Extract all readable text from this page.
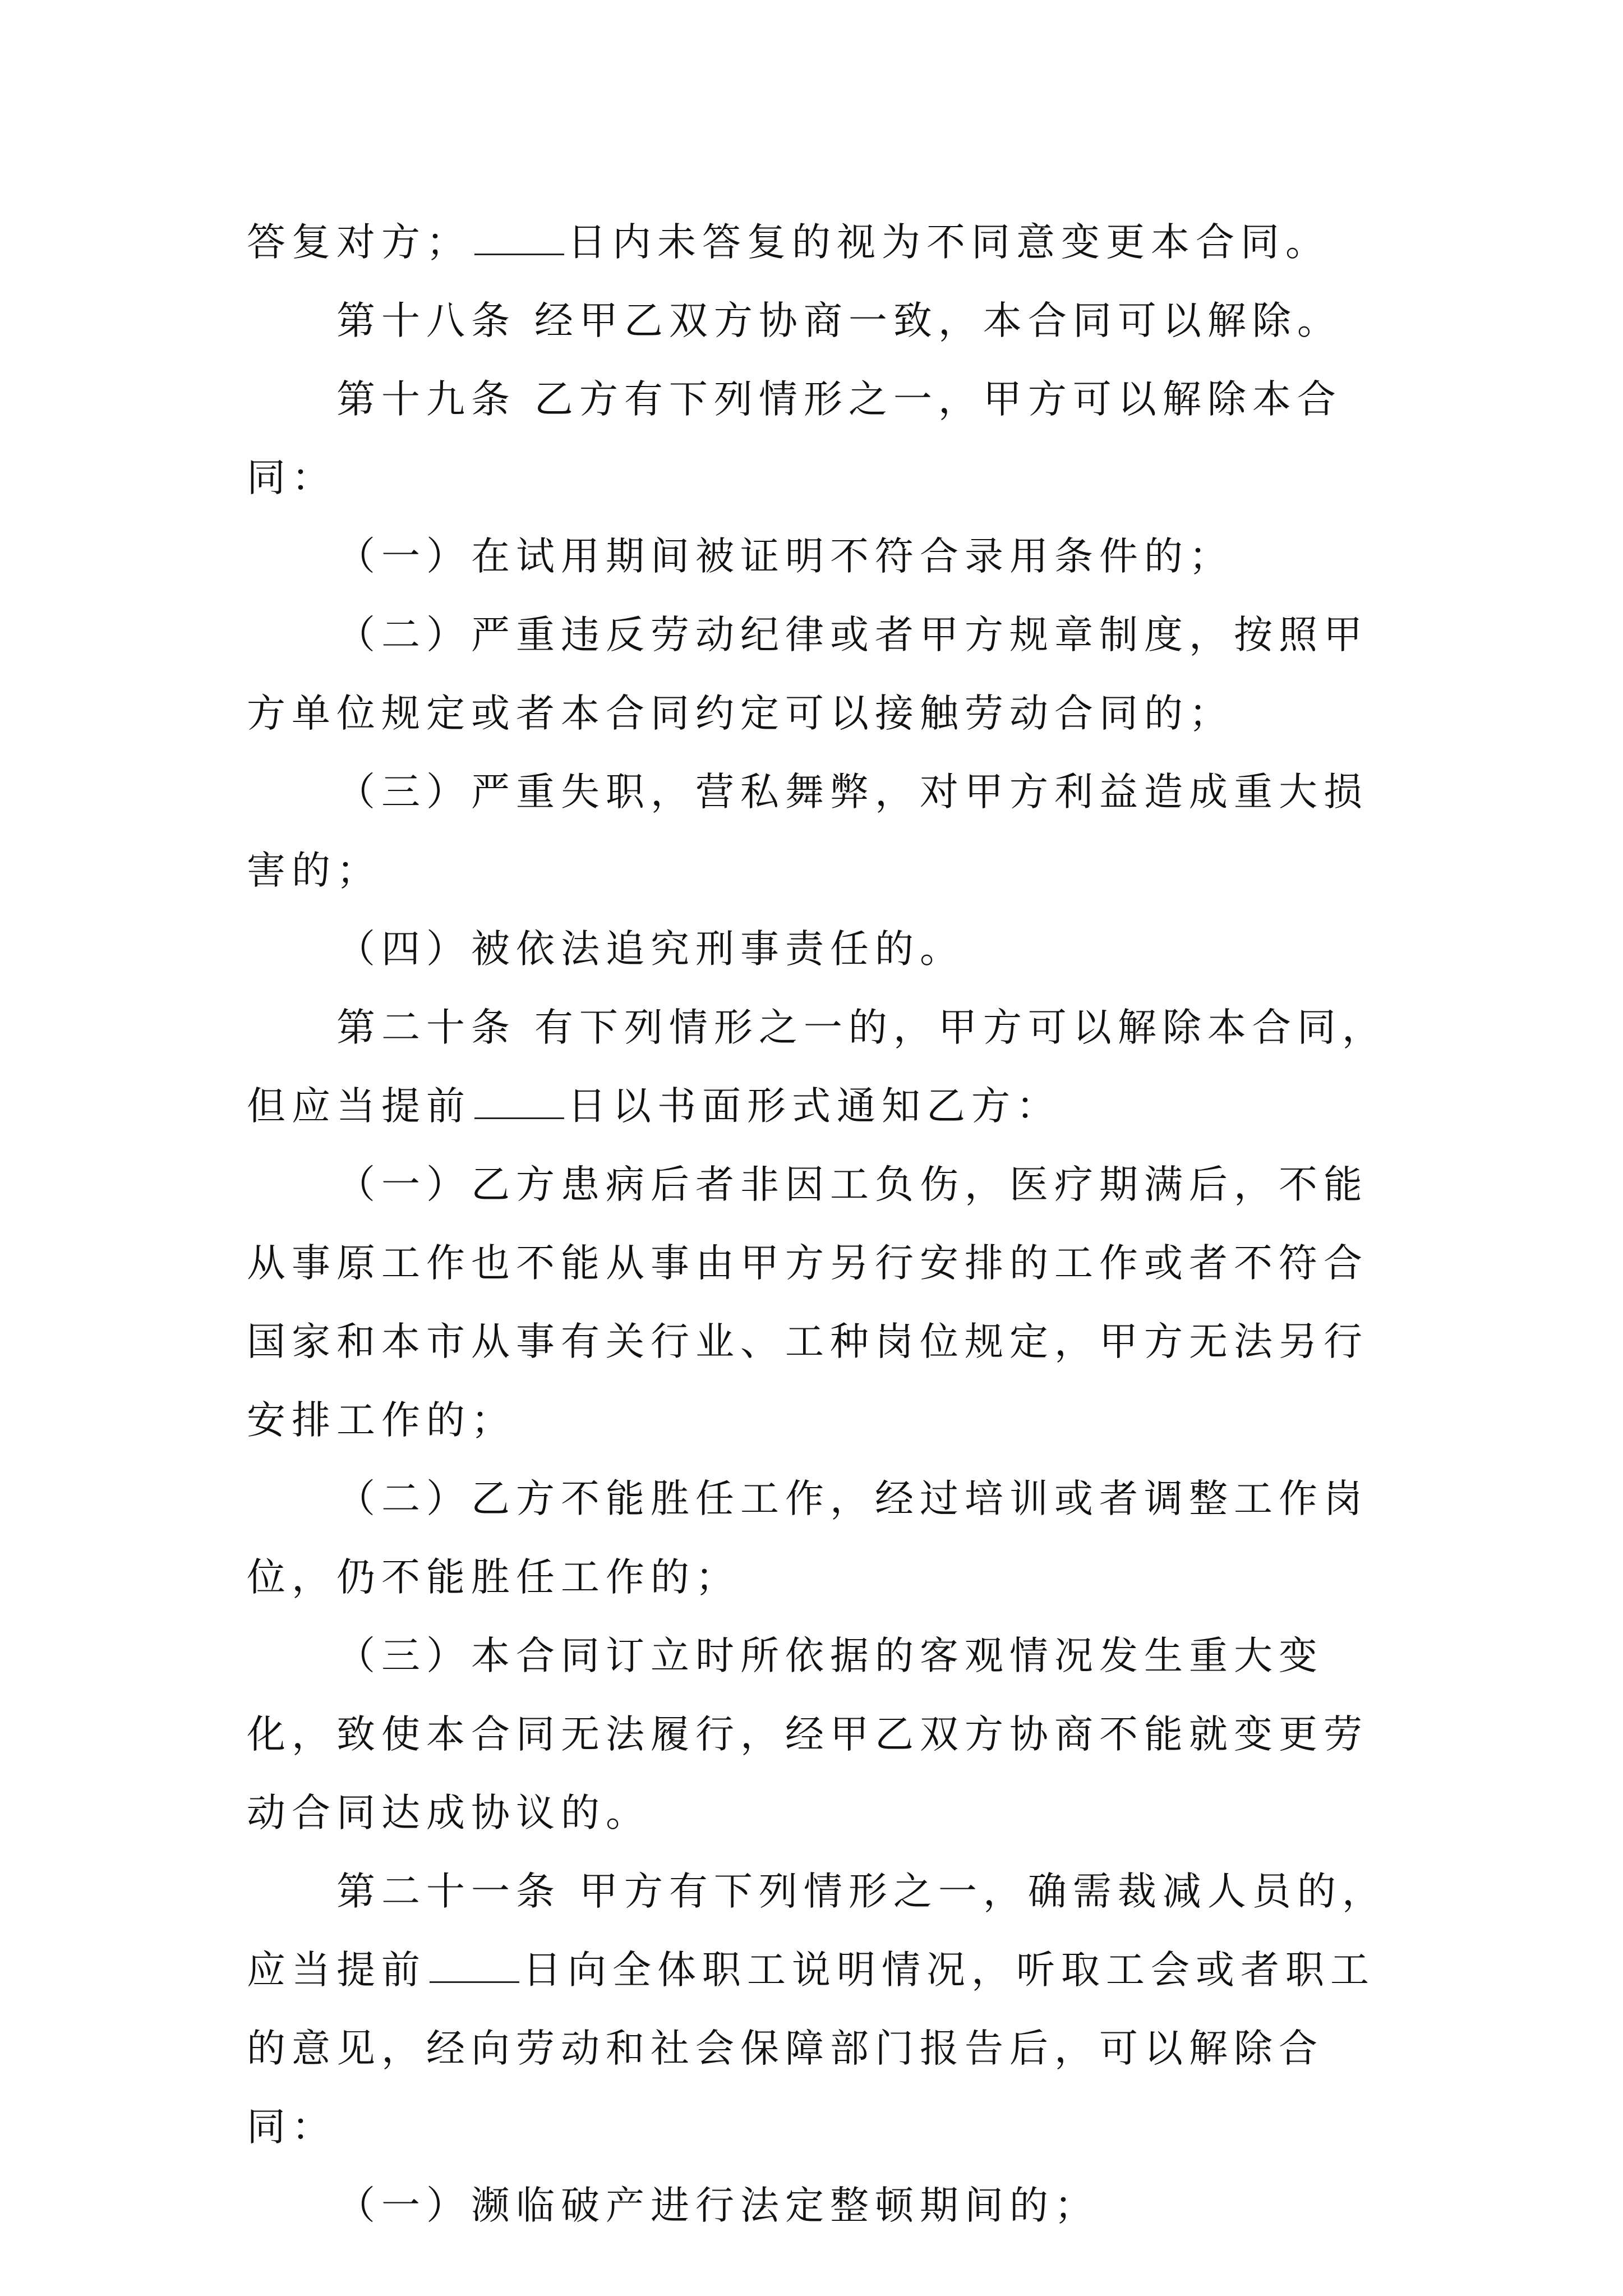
答复对方； 日内未答复的视为不同意变更本合同。

第十八条 经甲乙双方协商一致，本合同可以解除。

第十九条 乙方有下列情形之一，甲方可以解除本合同：

（一）在试用期间被证明不符合录用条件的；

（二）严重违反劳动纪律或者甲方规章制度，按照甲方单位规定或者本合同约定可以接触劳动合同的；

（三）严重失职，营私舞弊，对甲方利益造成重大损害的；

（四）被依法追究刑事责任的。

第二十条 有下列情形之一的，甲方可以解除本合同，但应当提前 日以书面形式通知乙方：

（一）乙方患病后者非因工负伤，医疗期满后，不能从事原工作也不能从事由甲方另行安排的工作或者不符合国家和本市从事有关行业、工种岗位规定，甲方无法另行安排工作的；

（二）乙方不能胜任工作，经过培训或者调整工作岗位，仍不能胜任工作的；

（三）本合同订立时所依据的客观情况发生重大变化，致使本合同无法履行，经甲乙双方协商不能就变更劳动合同达成协议的。

第二十一条 甲方有下列情形之一，确需裁减人员的，应当提前 日向全体职工说明情况，听取工会或者职工的意见，经向劳动和社会保障部门报告后，可以解除合同：

（一）濒临破产进行法定整顿期间的；
